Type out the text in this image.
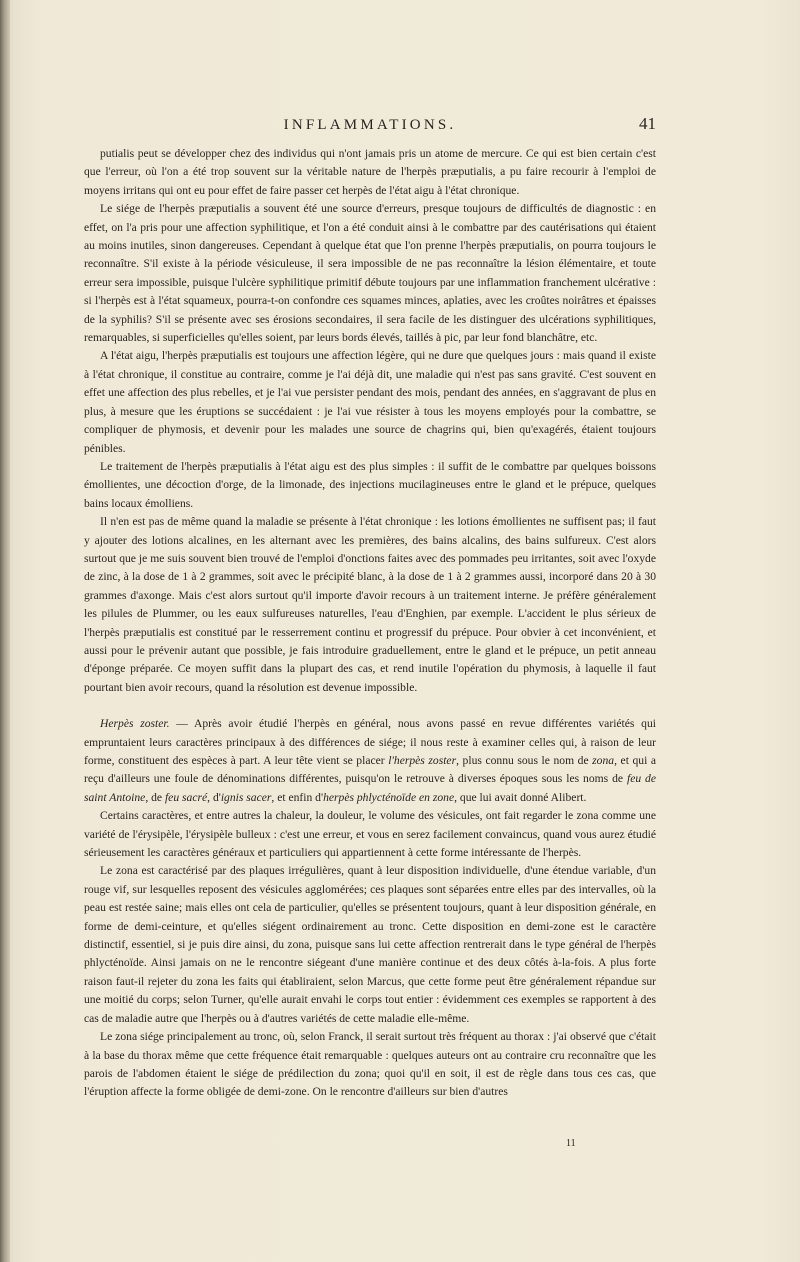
INFLAMMATIONS.	41

putialis peut se développer chez des individus qui n'ont jamais pris un atome de mercure. Ce qui est bien certain c'est que l'erreur, où l'on a été trop souvent sur la véritable nature de l'herpès præputialis, a pu faire recourir à l'emploi de moyens irritans qui ont eu pour effet de faire passer cet herpès de l'état aigu à l'état chronique.

Le siége de l'herpès præputialis a souvent été une source d'erreurs, presque toujours de difficultés de diagnostic : en effet, on l'a pris pour une affection syphilitique, et l'on a été conduit ainsi à le combattre par des cautérisations qui étaient au moins inutiles, sinon dangereuses. Cependant à quelque état que l'on prenne l'herpès præputialis, on pourra toujours le reconnaître. S'il existe à la période vésiculeuse, il sera impossible de ne pas reconnaître la lésion élémentaire, et toute erreur sera impossible, puisque l'ulcère syphilitique primitif débute toujours par une inflammation franchement ulcérative : si l'herpès est à l'état squameux, pourra-t-on confondre ces squames minces, aplaties, avec les croûtes noirâtres et épaisses de la syphilis? S'il se présente avec ses érosions secondaires, il sera facile de les distinguer des ulcérations syphilitiques, remarquables, si superficielles qu'elles soient, par leurs bords élevés, taillés à pic, par leur fond blanchâtre, etc.

A l'état aigu, l'herpès præputialis est toujours une affection légère, qui ne dure que quelques jours : mais quand il existe à l'état chronique, il constitue au contraire, comme je l'ai déjà dit, une maladie qui n'est pas sans gravité. C'est souvent en effet une affection des plus rebelles, et je l'ai vue persister pendant des mois, pendant des années, en s'aggravant de plus en plus, à mesure que les éruptions se succédaient : je l'ai vue résister à tous les moyens employés pour la combattre, se compliquer de phymosis, et devenir pour les malades une source de chagrins qui, bien qu'exagérés, étaient toujours pénibles.

Le traitement de l'herpès præputialis à l'état aigu est des plus simples : il suffit de le combattre par quelques boissons émollientes, une décoction d'orge, de la limonade, des injections mucilagineuses entre le gland et le prépuce, quelques bains locaux émolliens.

Il n'en est pas de même quand la maladie se présente à l'état chronique : les lotions émollientes ne suffisent pas; il faut y ajouter des lotions alcalines, en les alternant avec les premières, des bains alcalins, des bains sulfureux. C'est alors surtout que je me suis souvent bien trouvé de l'emploi d'onctions faites avec des pommades peu irritantes, soit avec l'oxyde de zinc, à la dose de 1 à 2 grammes, soit avec le précipité blanc, à la dose de 1 à 2 grammes aussi, incorporé dans 20 à 30 grammes d'axonge. Mais c'est alors surtout qu'il importe d'avoir recours à un traitement interne. Je préfère généralement les pilules de Plummer, ou les eaux sulfureuses naturelles, l'eau d'Enghien, par exemple. L'accident le plus sérieux de l'herpès præputialis est constitué par le resserrement continu et progressif du prépuce. Pour obvier à cet inconvénient, et aussi pour le prévenir autant que possible, je fais introduire graduellement, entre le gland et le prépuce, un petit anneau d'éponge préparée. Ce moyen suffit dans la plupart des cas, et rend inutile l'opération du phymosis, à laquelle il faut pourtant bien avoir recours, quand la résolution est devenue impossible.

Herpès zoster. — Après avoir étudié l'herpès en général, nous avons passé en revue différentes variétés qui empruntaient leurs caractères principaux à des différences de siége; il nous reste à examiner celles qui, à raison de leur forme, constituent des espèces à part. A leur tête vient se placer l'herpès zoster, plus connu sous le nom de zona, et qui a reçu d'ailleurs une foule de dénominations différentes, puisqu'on le retrouve à diverses époques sous les noms de feu de saint Antoine, de feu sacré, d'ignis sacer, et enfin d'herpès phlycténoïde en zone, que lui avait donné Alibert.

Certains caractères, et entre autres la chaleur, la douleur, le volume des vésicules, ont fait regarder le zona comme une variété de l'érysipèle, l'érysipèle bulleux : c'est une erreur, et vous en serez facilement convaincus, quand vous aurez étudié sérieusement les caractères généraux et particuliers qui appartiennent à cette forme intéressante de l'herpès.

Le zona est caractérisé par des plaques irrégulières, quant à leur disposition individuelle, d'une étendue variable, d'un rouge vif, sur lesquelles reposent des vésicules agglomérées; ces plaques sont séparées entre elles par des intervalles, où la peau est restée saine; mais elles ont cela de particulier, qu'elles se présentent toujours, quant à leur disposition générale, en forme de demi-ceinture, et qu'elles siégent ordinairement au tronc. Cette disposition en demi-zone est le caractère distinctif, essentiel, si je puis dire ainsi, du zona, puisque sans lui cette affection rentrerait dans le type général de l'herpès phlycténoïde. Ainsi jamais on ne le rencontre siégeant d'une manière continue et des deux côtés à-la-fois. A plus forte raison faut-il rejeter du zona les faits qui établiraient, selon Marcus, que cette forme peut être généralement répandue sur une moitié du corps; selon Turner, qu'elle aurait envahi le corps tout entier : évidemment ces exemples se rapportent à des cas de maladie autre que l'herpès ou à d'autres variétés de cette maladie elle-même.

Le zona siége principalement au tronc, où, selon Franck, il serait surtout très fréquent au thorax : j'ai observé que c'était à la base du thorax même que cette fréquence était remarquable : quelques auteurs ont au contraire cru reconnaître que les parois de l'abdomen étaient le siége de prédilection du zona; quoi qu'il en soit, il est de règle dans tous ces cas, que l'éruption affecte la forme obligée de demi-zone. On le rencontre d'ailleurs sur bien d'autres

11
